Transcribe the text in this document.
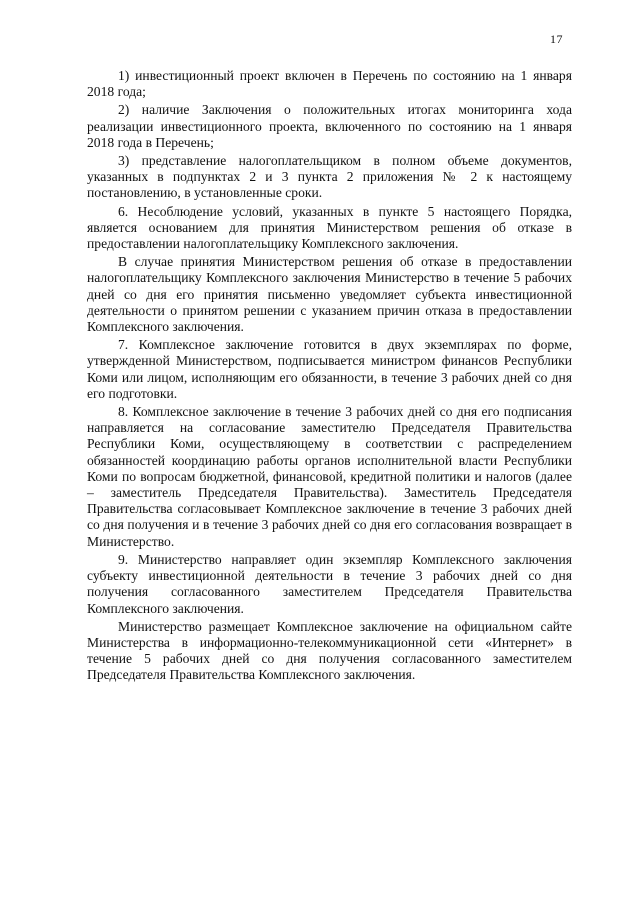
17

1) инвестиционный проект включен в Перечень по состоянию на 1 января 2018 года;

2) наличие Заключения о положительных итогах мониторинга хода реализации инвестиционного проекта, включенного по состоянию на 1 января 2018 года в Перечень;

3) представление налогоплательщиком в полном объеме документов, указанных в подпунктах 2 и 3 пункта 2 приложения № 2 к настоящему постановлению, в установленные сроки.

6. Несоблюдение условий, указанных в пункте 5 настоящего Порядка, является основанием для принятия Министерством решения об отказе в предоставлении налогоплательщику Комплексного заключения.

В случае принятия Министерством решения об отказе в предоставлении налогоплательщику Комплексного заключения Министерство в течение 5 рабочих дней со дня его принятия письменно уведомляет субъекта инвестиционной деятельности о принятом решении с указанием причин отказа в предоставлении Комплексного заключения.

7. Комплексное заключение готовится в двух экземплярах по форме, утвержденной Министерством, подписывается министром финансов Республики Коми или лицом, исполняющим его обязанности, в течение 3 рабочих дней со дня его подготовки.

8. Комплексное заключение в течение 3 рабочих дней со дня его подписания направляется на согласование заместителю Председателя Правительства Республики Коми, осуществляющему в соответствии с распределением обязанностей координацию работы органов исполнительной власти Республики Коми по вопросам бюджетной, финансовой, кредитной политики и налогов (далее – заместитель Председателя Правительства). Заместитель Председателя Правительства согласовывает Комплексное заключение в течение 3 рабочих дней со дня получения и в течение 3 рабочих дней со дня его согласования возвращает в Министерство.

9. Министерство направляет один экземпляр Комплексного заключения субъекту инвестиционной деятельности в течение 3 рабочих дней со дня получения согласованного заместителем Председателя Правительства Комплексного заключения.

Министерство размещает Комплексное заключение на официальном сайте Министерства в информационно-телекоммуникационной сети «Интернет» в течение 5 рабочих дней со дня получения согласованного заместителем Председателя Правительства Комплексного заключения.
